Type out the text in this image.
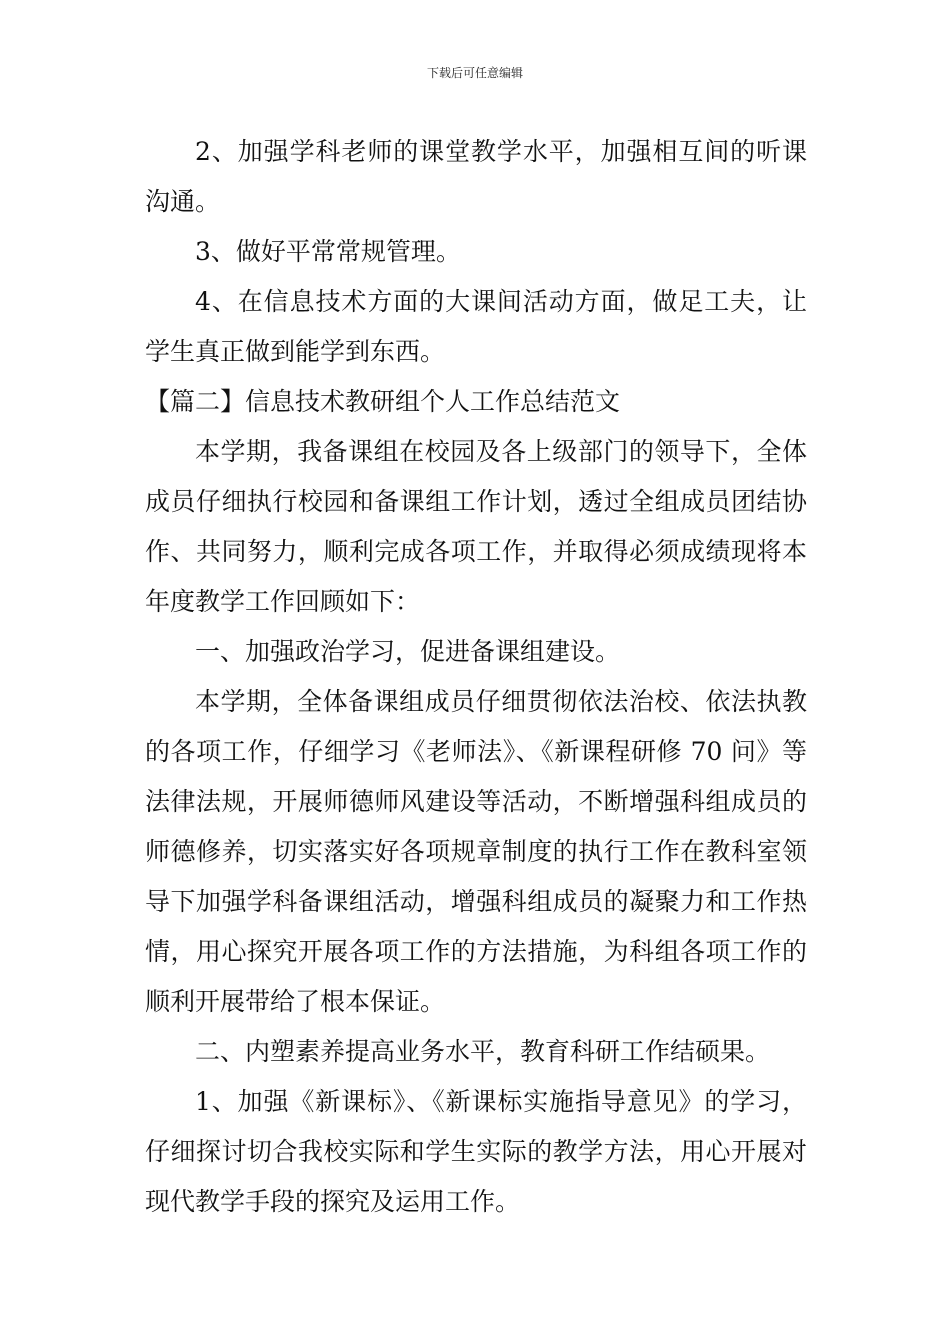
下载后可任意编辑

2、加强学科老师的课堂教学水平，加强相互间的听课沟通。

3、做好平常常规管理。

4、在信息技术方面的大课间活动方面，做足工夫，让学生真正做到能学到东西。

【篇二】信息技术教研组个人工作总结范文

本学期，我备课组在校园及各上级部门的领导下，全体成员仔细执行校园和备课组工作计划，透过全组成员团结协作、共同努力，顺利完成各项工作，并取得必须成绩现将本年度教学工作回顾如下：

一、加强政治学习，促进备课组建设。

本学期，全体备课组成员仔细贯彻依法治校、依法执教的各项工作，仔细学习《老师法》、《新课程研修 70 问》等法律法规，开展师德师风建设等活动，不断增强科组成员的师德修养，切实落实好各项规章制度的执行工作在教科室领导下加强学科备课组活动，增强科组成员的凝聚力和工作热情，用心探究开展各项工作的方法措施，为科组各项工作的顺利开展带给了根本保证。

二、内塑素养提高业务水平，教育科研工作结硕果。

1、加强《新课标》、《新课标实施指导意见》的学习，仔细探讨切合我校实际和学生实际的教学方法，用心开展对现代教学手段的探究及运用工作。
